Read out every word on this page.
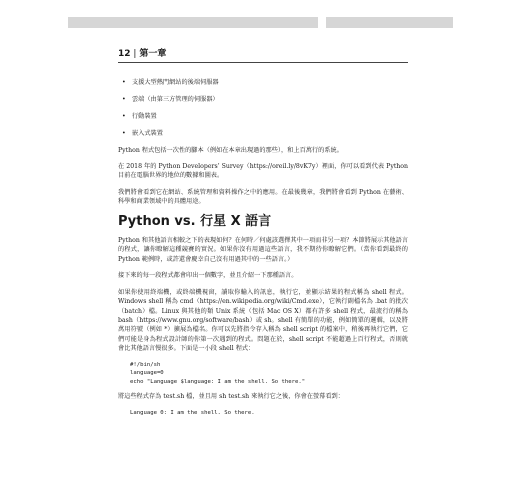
12 | 第一章
• 支援大型熱門網站的後端伺服器
• 雲端（由第三方管理的伺服器）
• 行動裝置
• 嵌入式裝置

Python 程式包括一次性的腳本（例如在本章出現過的那些），和上百萬行的系統。

在 2018 年的 Python Developers’ Survey（https://oreil.ly/8vK7y）裡面，你可以看到代表 Python 目前在電腦世界的地位的數據和圖表。

我們將會看到它在網站、系統管理和資料操作之中的應用。在最後幾章，我們將會看到 Python 在藝術、科學和商業領域中的具體用途。

Python vs. 行星 X 語言

Python 和其他語言相較之下的表現如何？在何時／何處該選擇其中一項而非另一項？本節將展示其他語言的程式，讓你瞭解這種競賽的實況。如果你沒有用過這些語言，我不期待你瞭解它們。（當你看到最終的 Python 範例時，或許還會慶幸自己沒有用過其中的一些語言。）

接下來的每一段程式都會印出一個數字，並且介紹一下那種語言。

如果你使用終端機，或終端機視窗，讀取你輸入的訊息，執行它，並顯示結果的程式稱為 shell 程式。Windows shell 稱為 cmd（https://en.wikipedia.org/wiki/Cmd.exe），它執行副檔名為 .bat 的批次（batch）檔。Linux 與其他的類 Unix 系統（包括 Mac OS X）都有許多 shell 程式，最流行的稱為 bash（https://www.gnu.org/software/bash）或 sh。shell 有簡單的功能，例如簡單的邏輯，以及將萬用符號（例如 *）擴展為檔名。你可以先將指令存入稱為 shell script 的檔案中，稍後再執行它們，它們可能是身為程式設計師的你第一次遇到的程式。問題在於，shell script 不能超過上百行程式，否則就會比其他語言慢很多。下面是一小段 shell 程式：

#!/bin/sh
language=0
echo "Language $language: I am the shell. So there."

將這些程式存為 test.sh 檔，並且用 sh test.sh 來執行它之後，你會在螢幕看到：

Language 0: I am the shell. So there.
